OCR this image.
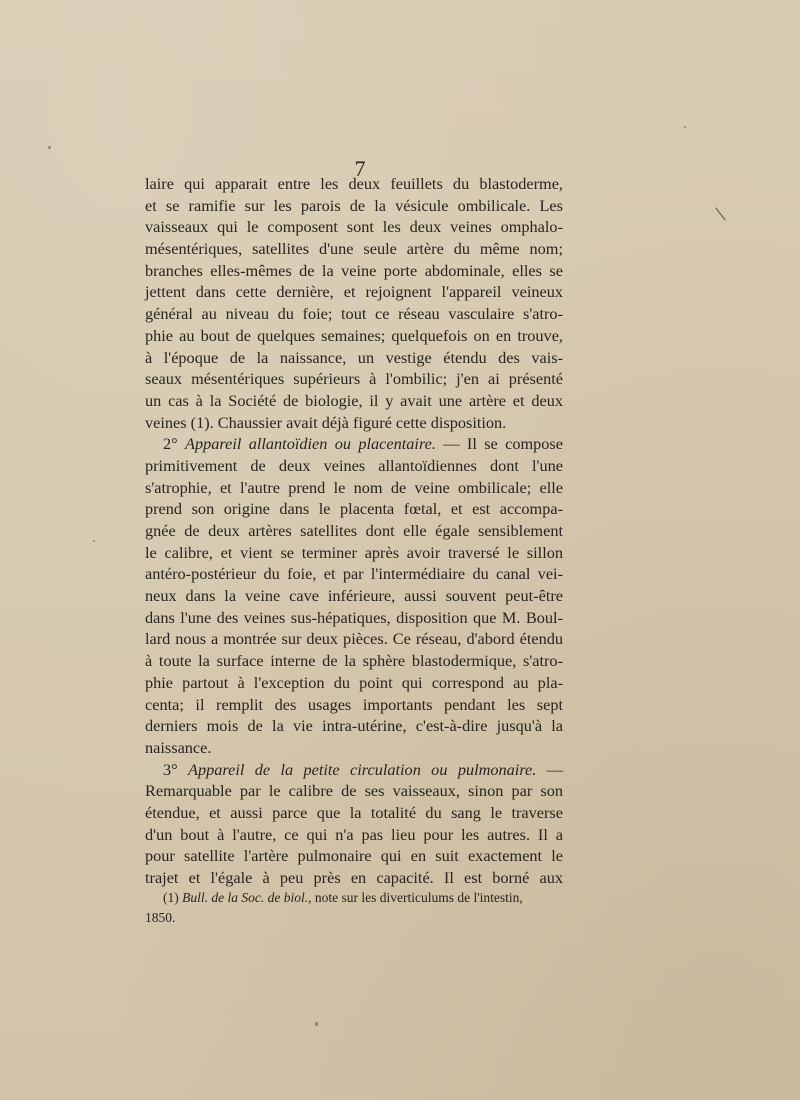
7
laire qui apparait entre les deux feuillets du blastoderme,
et se ramifie sur les parois de la vésicule ombilicale. Les
vaisseaux qui le composent sont les deux veines omphalo-
mésentériques, satellites d'une seule artère du même nom;
branches elles-mêmes de la veine porte abdominale, elles se
jettent dans cette dernière, et rejoignent l'appareil veineux
général au niveau du foie; tout ce réseau vasculaire s'atro-
phie au bout de quelques semaines; quelquefois on en trouve,
à l'époque de la naissance, un vestige étendu des vais-
seaux mésentériques supérieurs à l'ombilic; j'en ai présenté
un cas à la Société de biologie, il y avait une artère et deux
veines (1). Chaussier avait déjà figuré cette disposition.
2° Appareil allantoïdien ou placentaire. — Il se compose
primitivement de deux veines allantoïdiennes dont l'une
s'atrophie, et l'autre prend le nom de veine ombilicale; elle
prend son origine dans le placenta fœtal, et est accompa-
gnée de deux artères satellites dont elle égale sensiblement
le calibre, et vient se terminer après avoir traversé le sillon
antéro-postérieur du foie, et par l'intermédiaire du canal vei-
neux dans la veine cave inférieure, aussi souvent peut-être
dans l'une des veines sus-hépatiques, disposition que M. Boul-
lard nous a montrée sur deux pièces. Ce réseau, d'abord étendu
à toute la surface interne de la sphère blastodermique, s'atro-
phie partout à l'exception du point qui correspond au pla-
centa; il remplit des usages importants pendant les sept
derniers mois de la vie intra-utérine, c'est-à-dire jusqu'à la
naissance.
3° Appareil de la petite circulation ou pulmonaire. —
Remarquable par le calibre de ses vaisseaux, sinon par son
étendue, et aussi parce que la totalité du sang le traverse
d'un bout à l'autre, ce qui n'a pas lieu pour les autres. Il a
pour satellite l'artère pulmonaire qui en suit exactement le
trajet et l'égale à peu près en capacité. Il est borné aux
(1) Bull. de la Soc. de biol., note sur les diverticulums de l'intestin,
1850.
